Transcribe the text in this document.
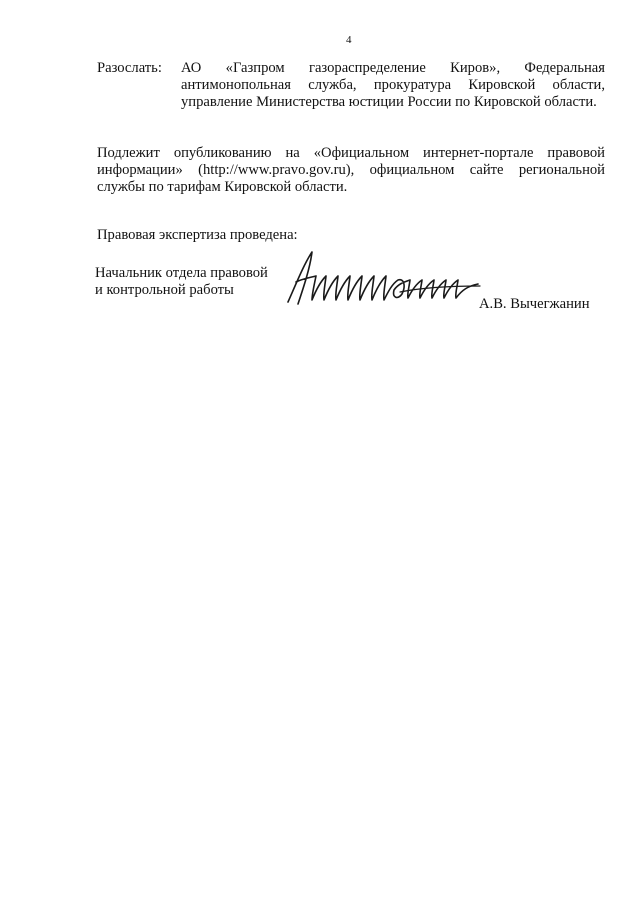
4
Разослать: АО «Газпром газораспределение Киров», Федеральная антимонопольная служба, прокуратура Кировской области, управление Министерства юстиции России по Кировской области.

Подлежит опубликованию на «Официальном интернет-портале правовой информации» (http://www.pravo.gov.ru), официальном сайте региональной службы по тарифам Кировской области.

Правовая экспертиза проведена:
Начальник отдела правовой
и контрольной работы
А.В. Вычегжанин
